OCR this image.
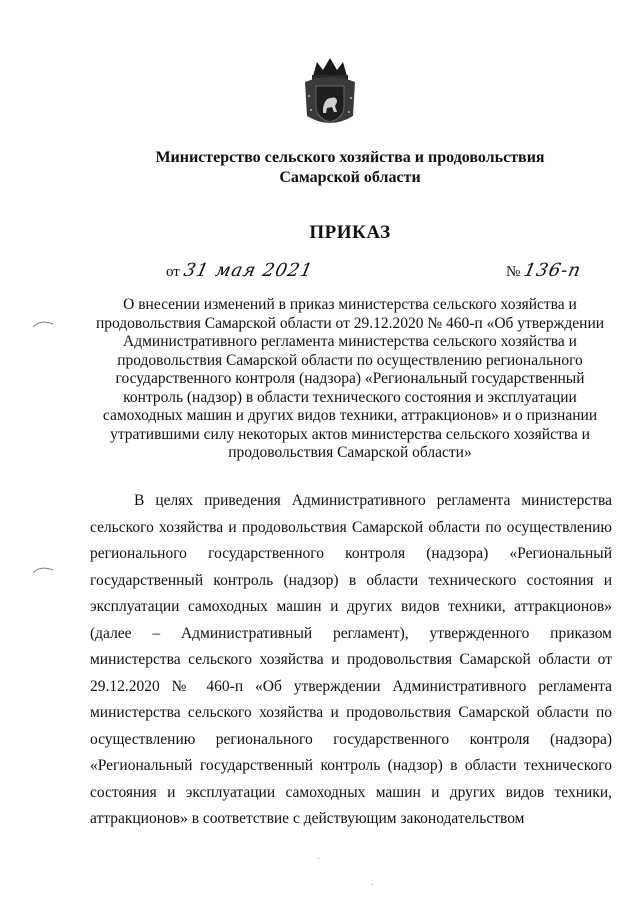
Министерство сельского хозяйства и продовольствия
Самарской области
ПРИКАЗ
от 31 мая 2021	№ 136-п
О внесении изменений в приказ министерства сельского хозяйства и продовольствия Самарской области от 29.12.2020 № 460-п «Об утверждении Административного регламента министерства сельского хозяйства и продовольствия Самарской области по осуществлению регионального государственного контроля (надзора) «Региональный государственный контроль (надзор) в области технического состояния и эксплуатации самоходных машин и других видов техники, аттракционов» и о признании утратившими силу некоторых актов министерства сельского хозяйства и продовольствия Самарской области»
В целях приведения Административного регламента министерства сельского хозяйства и продовольствия Самарской области по осуществлению регионального государственного контроля (надзора) «Региональный государственный контроль (надзор) в области технического состояния и эксплуатации самоходных машин и других видов техники, аттракционов» (далее – Административный регламент), утвержденного приказом министерства сельского хозяйства и продовольствия Самарской области от 29.12.2020 № 460-п «Об утверждении Административного регламента министерства сельского хозяйства и продовольствия Самарской области по осуществлению регионального государственного контроля (надзора) «Региональный государственный контроль (надзор) в области технического состояния и эксплуатации самоходных машин и других видов техники, аттракционов» в соответствие с действующим законодательством
